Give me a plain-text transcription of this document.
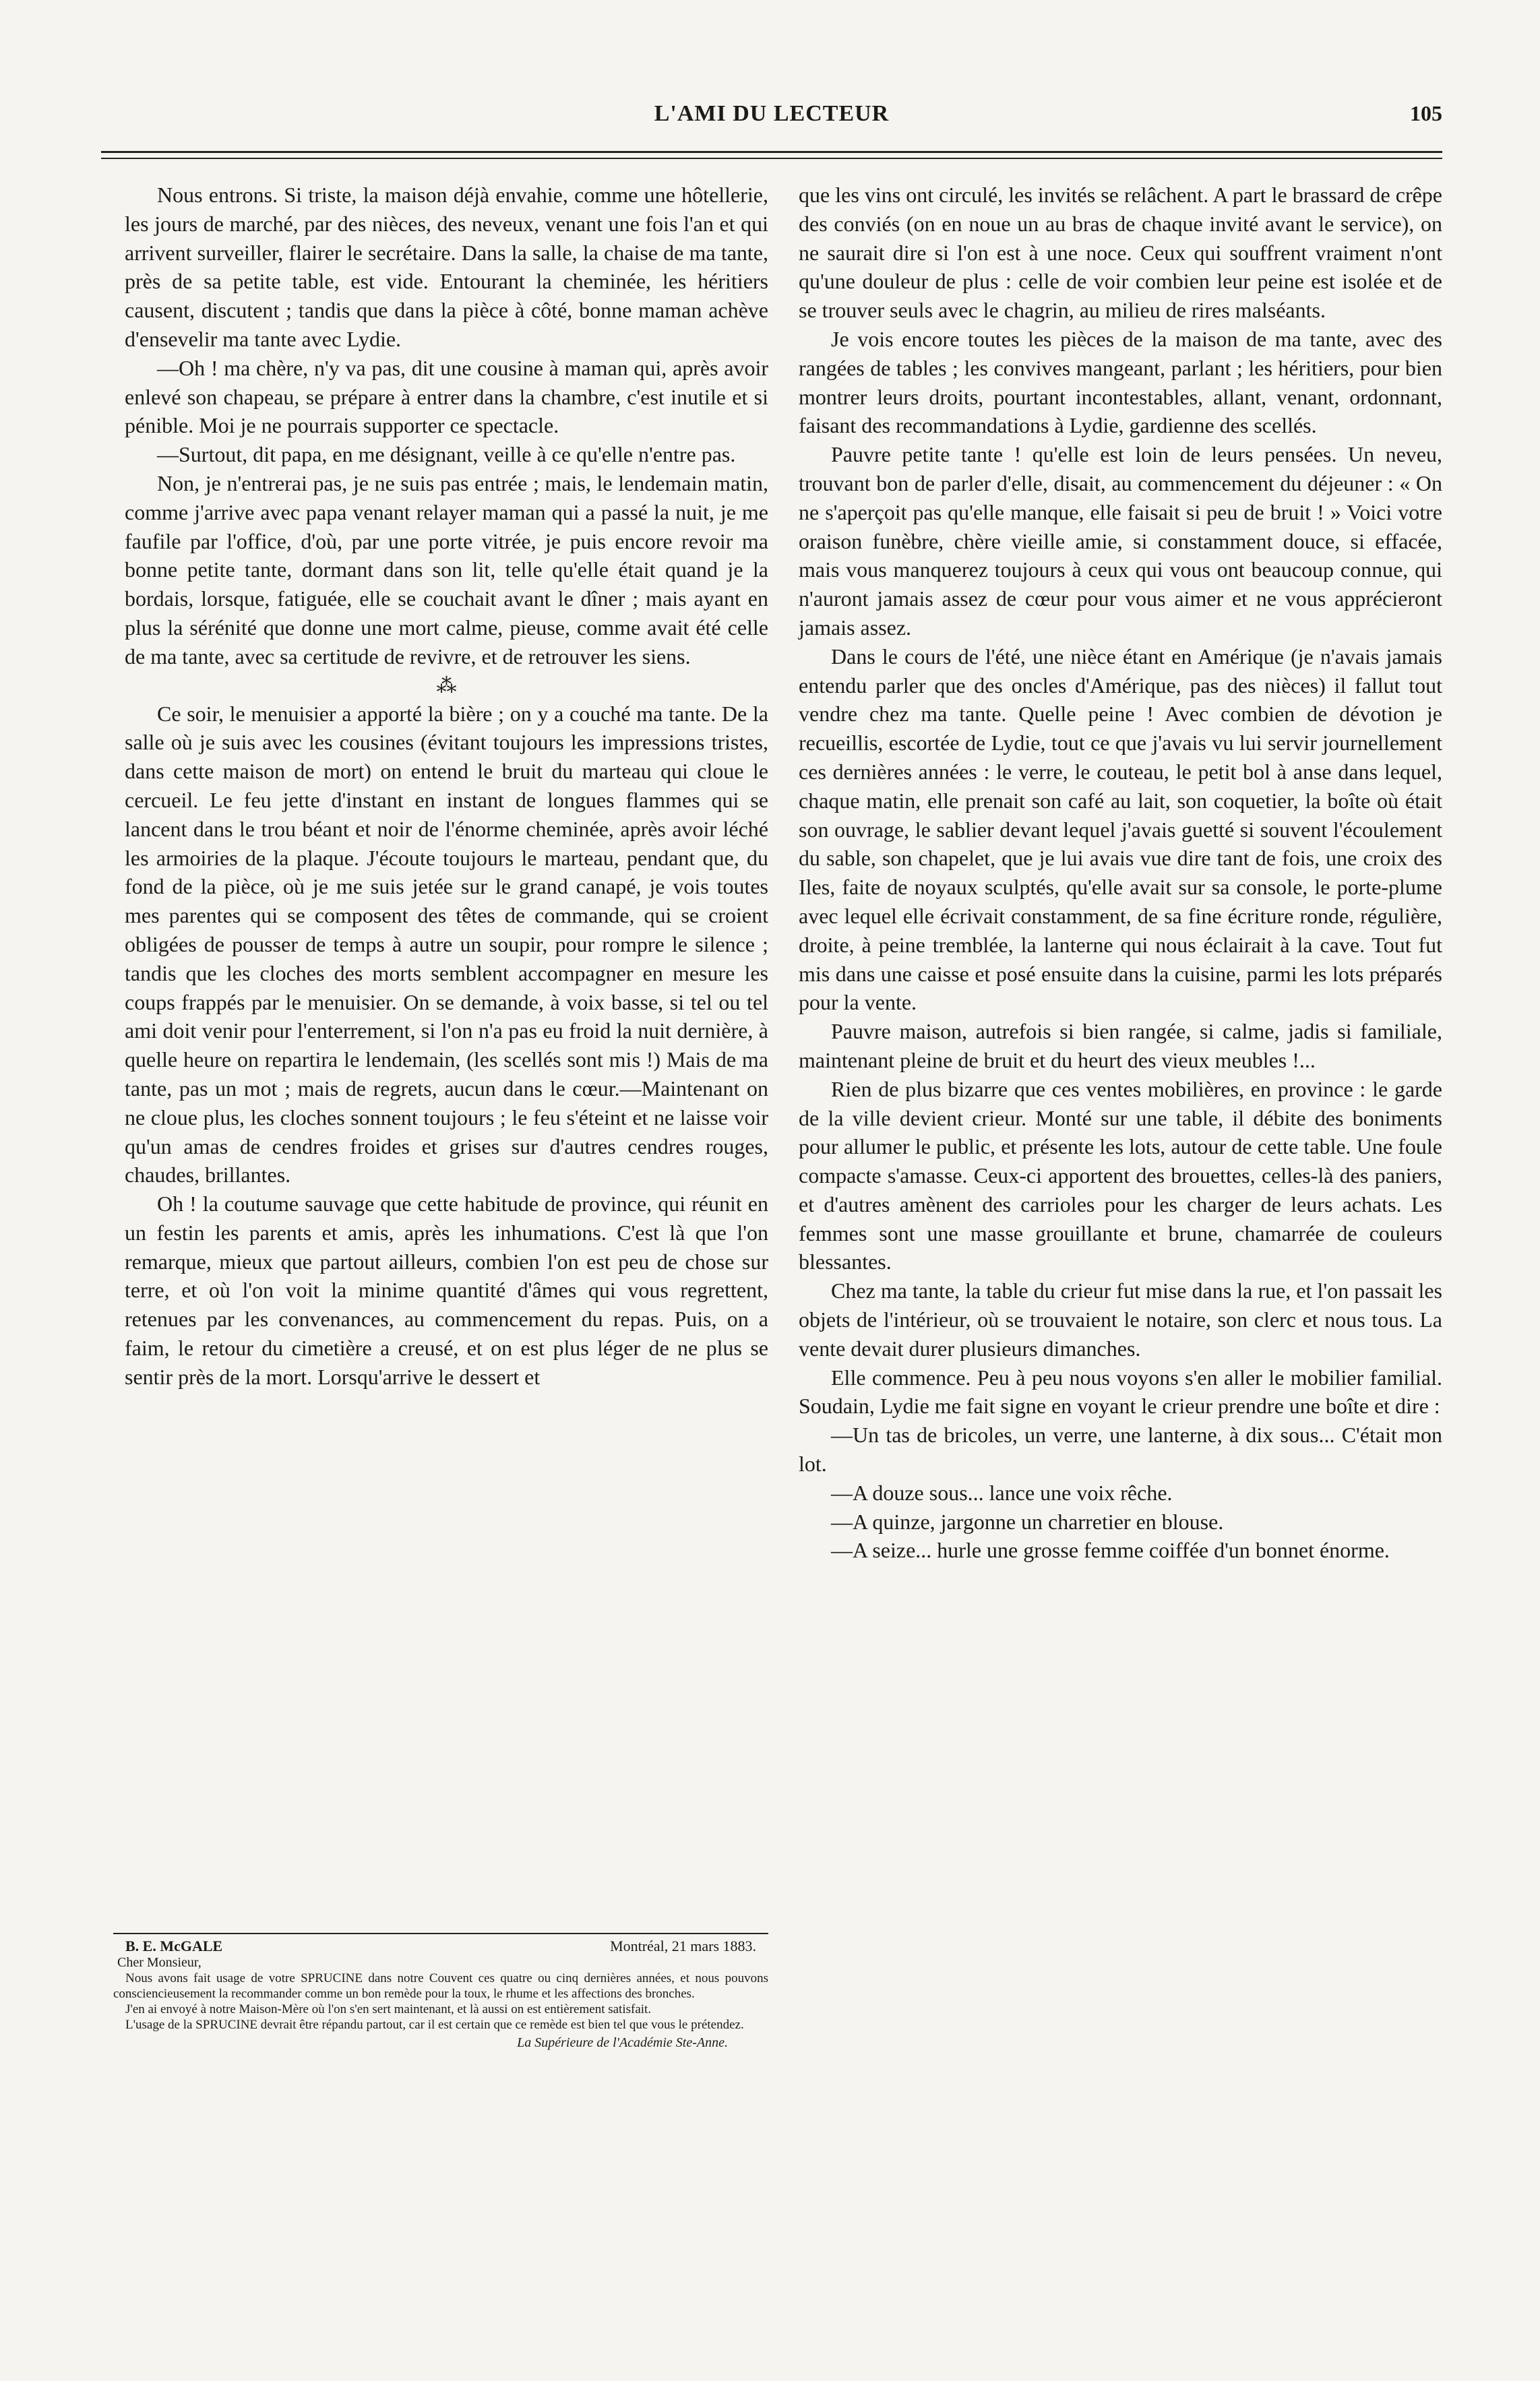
L'AMI DU LECTEUR	105

Nous entrons. Si triste, la maison déjà envahie, comme une hôtellerie, les jours de marché, par des nièces, des neveux, venant une fois l'an et qui arrivent surveiller, flairer le secrétaire. Dans la salle, la chaise de ma tante, près de sa petite table, est vide. Entourant la cheminée, les héritiers causent, discutent ; tandis que dans la pièce à côté, bonne maman achève d'ensevelir ma tante avec Lydie.

—Oh ! ma chère, n'y va pas, dit une cousine à maman qui, après avoir enlevé son chapeau, se prépare à entrer dans la chambre, c'est inutile et si pénible. Moi je ne pourrais supporter ce spectacle.

—Surtout, dit papa, en me désignant, veille à ce qu'elle n'entre pas.

Non, je n'entrerai pas, je ne suis pas entrée ; mais, le lendemain matin, comme j'arrive avec papa venant relayer maman qui a passé la nuit, je me faufile par l'office, d'où, par une porte vitrée, je puis encore revoir ma bonne petite tante, dormant dans son lit, telle qu'elle était quand je la bordais, lorsque, fatiguée, elle se couchait avant le dîner ; mais ayant en plus la sérénité que donne une mort calme, pieuse, comme avait été celle de ma tante, avec sa certitude de revivre, et de retrouver les siens.

⁂

Ce soir, le menuisier a apporté la bière ; on y a couché ma tante. De la salle où je suis avec les cousines (évitant toujours les impressions tristes, dans cette maison de mort) on entend le bruit du marteau qui cloue le cercueil. Le feu jette d'instant en instant de longues flammes qui se lancent dans le trou béant et noir de l'énorme cheminée, après avoir léché les armoiries de la plaque. J'écoute toujours le marteau, pendant que, du fond de la pièce, où je me suis jetée sur le grand canapé, je vois toutes mes parentes qui se composent des têtes de commande, qui se croient obligées de pousser de temps à autre un soupir, pour rompre le silence ; tandis que les cloches des morts semblent accompagner en mesure les coups frappés par le menuisier. On se demande, à voix basse, si tel ou tel ami doit venir pour l'enterrement, si l'on n'a pas eu froid la nuit dernière, à quelle heure on repartira le lendemain, (les scellés sont mis !) Mais de ma tante, pas un mot ; mais de regrets, aucun dans le cœur.—Maintenant on ne cloue plus, les cloches sonnent toujours ; le feu s'éteint et ne laisse voir qu'un amas de cendres froides et grises sur d'autres cendres rouges, chaudes, brillantes.

Oh ! la coutume sauvage que cette habitude de province, qui réunit en un festin les parents et amis, après les inhumations. C'est là que l'on remarque, mieux que partout ailleurs, combien l'on est peu de chose sur terre, et où l'on voit la minime quantité d'âmes qui vous regrettent, retenues par les convenances, au commencement du repas. Puis, on a faim, le retour du cimetière a creusé, et on est plus léger de ne plus se sentir près de la mort. Lorsqu'arrive le dessert et

que les vins ont circulé, les invités se relâchent. A part le brassard de crêpe des conviés (on en noue un au bras de chaque invité avant le service), on ne saurait dire si l'on est à une noce. Ceux qui souffrent vraiment n'ont qu'une douleur de plus : celle de voir combien leur peine est isolée et de se trouver seuls avec le chagrin, au milieu de rires malséants.

Je vois encore toutes les pièces de la maison de ma tante, avec des rangées de tables ; les convives mangeant, parlant ; les héritiers, pour bien montrer leurs droits, pourtant incontestables, allant, venant, ordonnant, faisant des recommandations à Lydie, gardienne des scellés.

Pauvre petite tante ! qu'elle est loin de leurs pensées. Un neveu, trouvant bon de parler d'elle, disait, au commencement du déjeuner : « On ne s'aperçoit pas qu'elle manque, elle faisait si peu de bruit ! » Voici votre oraison funèbre, chère vieille amie, si constamment douce, si effacée, mais vous manquerez toujours à ceux qui vous ont beaucoup connue, qui n'auront jamais assez de cœur pour vous aimer et ne vous apprécieront jamais assez.

Dans le cours de l'été, une nièce étant en Amérique (je n'avais jamais entendu parler que des oncles d'Amérique, pas des nièces) il fallut tout vendre chez ma tante. Quelle peine ! Avec combien de dévotion je recueillis, escortée de Lydie, tout ce que j'avais vu lui servir journellement ces dernières années : le verre, le couteau, le petit bol à anse dans lequel, chaque matin, elle prenait son café au lait, son coquetier, la boîte où était son ouvrage, le sablier devant lequel j'avais guetté si souvent l'écoulement du sable, son chapelet, que je lui avais vue dire tant de fois, une croix des Iles, faite de noyaux sculptés, qu'elle avait sur sa console, le porte-plume avec lequel elle écrivait constamment, de sa fine écriture ronde, régulière, droite, à peine tremblée, la lanterne qui nous éclairait à la cave. Tout fut mis dans une caisse et posé ensuite dans la cuisine, parmi les lots préparés pour la vente.

Pauvre maison, autrefois si bien rangée, si calme, jadis si familiale, maintenant pleine de bruit et du heurt des vieux meubles !...

Rien de plus bizarre que ces ventes mobilières, en province : le garde de la ville devient crieur. Monté sur une table, il débite des boniments pour allumer le public, et présente les lots, autour de cette table. Une foule compacte s'amasse. Ceux-ci apportent des brouettes, celles-là des paniers, et d'autres amènent des carrioles pour les charger de leurs achats. Les femmes sont une masse grouillante et brune, chamarrée de couleurs blessantes.

Chez ma tante, la table du crieur fut mise dans la rue, et l'on passait les objets de l'intérieur, où se trouvaient le notaire, son clerc et nous tous. La vente devait durer plusieurs dimanches.

Elle commence. Peu à peu nous voyons s'en aller le mobilier familial. Soudain, Lydie me fait signe en voyant le crieur prendre une boîte et dire :

—Un tas de bricoles, un verre, une lanterne, à dix sous... C'était mon lot.

—A douze sous... lance une voix rêche.

—A quinze, jargonne un charretier en blouse.

—A seize... hurle une grosse femme coiffée d'un bonnet énorme.

B. E. McGALE	Montréal, 21 mars 1883.
Cher Monsieur,

Nous avons fait usage de votre SPRUCINE dans notre Couvent ces quatre ou cinq dernières années, et nous pouvons consciencieusement la recommander comme un bon remède pour la toux, le rhume et les affections des bronches.

J'en ai envoyé à notre Maison-Mère où l'on s'en sert maintenant, et là aussi on est entièrement satisfait.

L'usage de la SPRUCINE devrait être répandu partout, car il est certain que ce remède est bien tel que vous le prétendez.

La Supérieure de l'Académie Ste-Anne.
